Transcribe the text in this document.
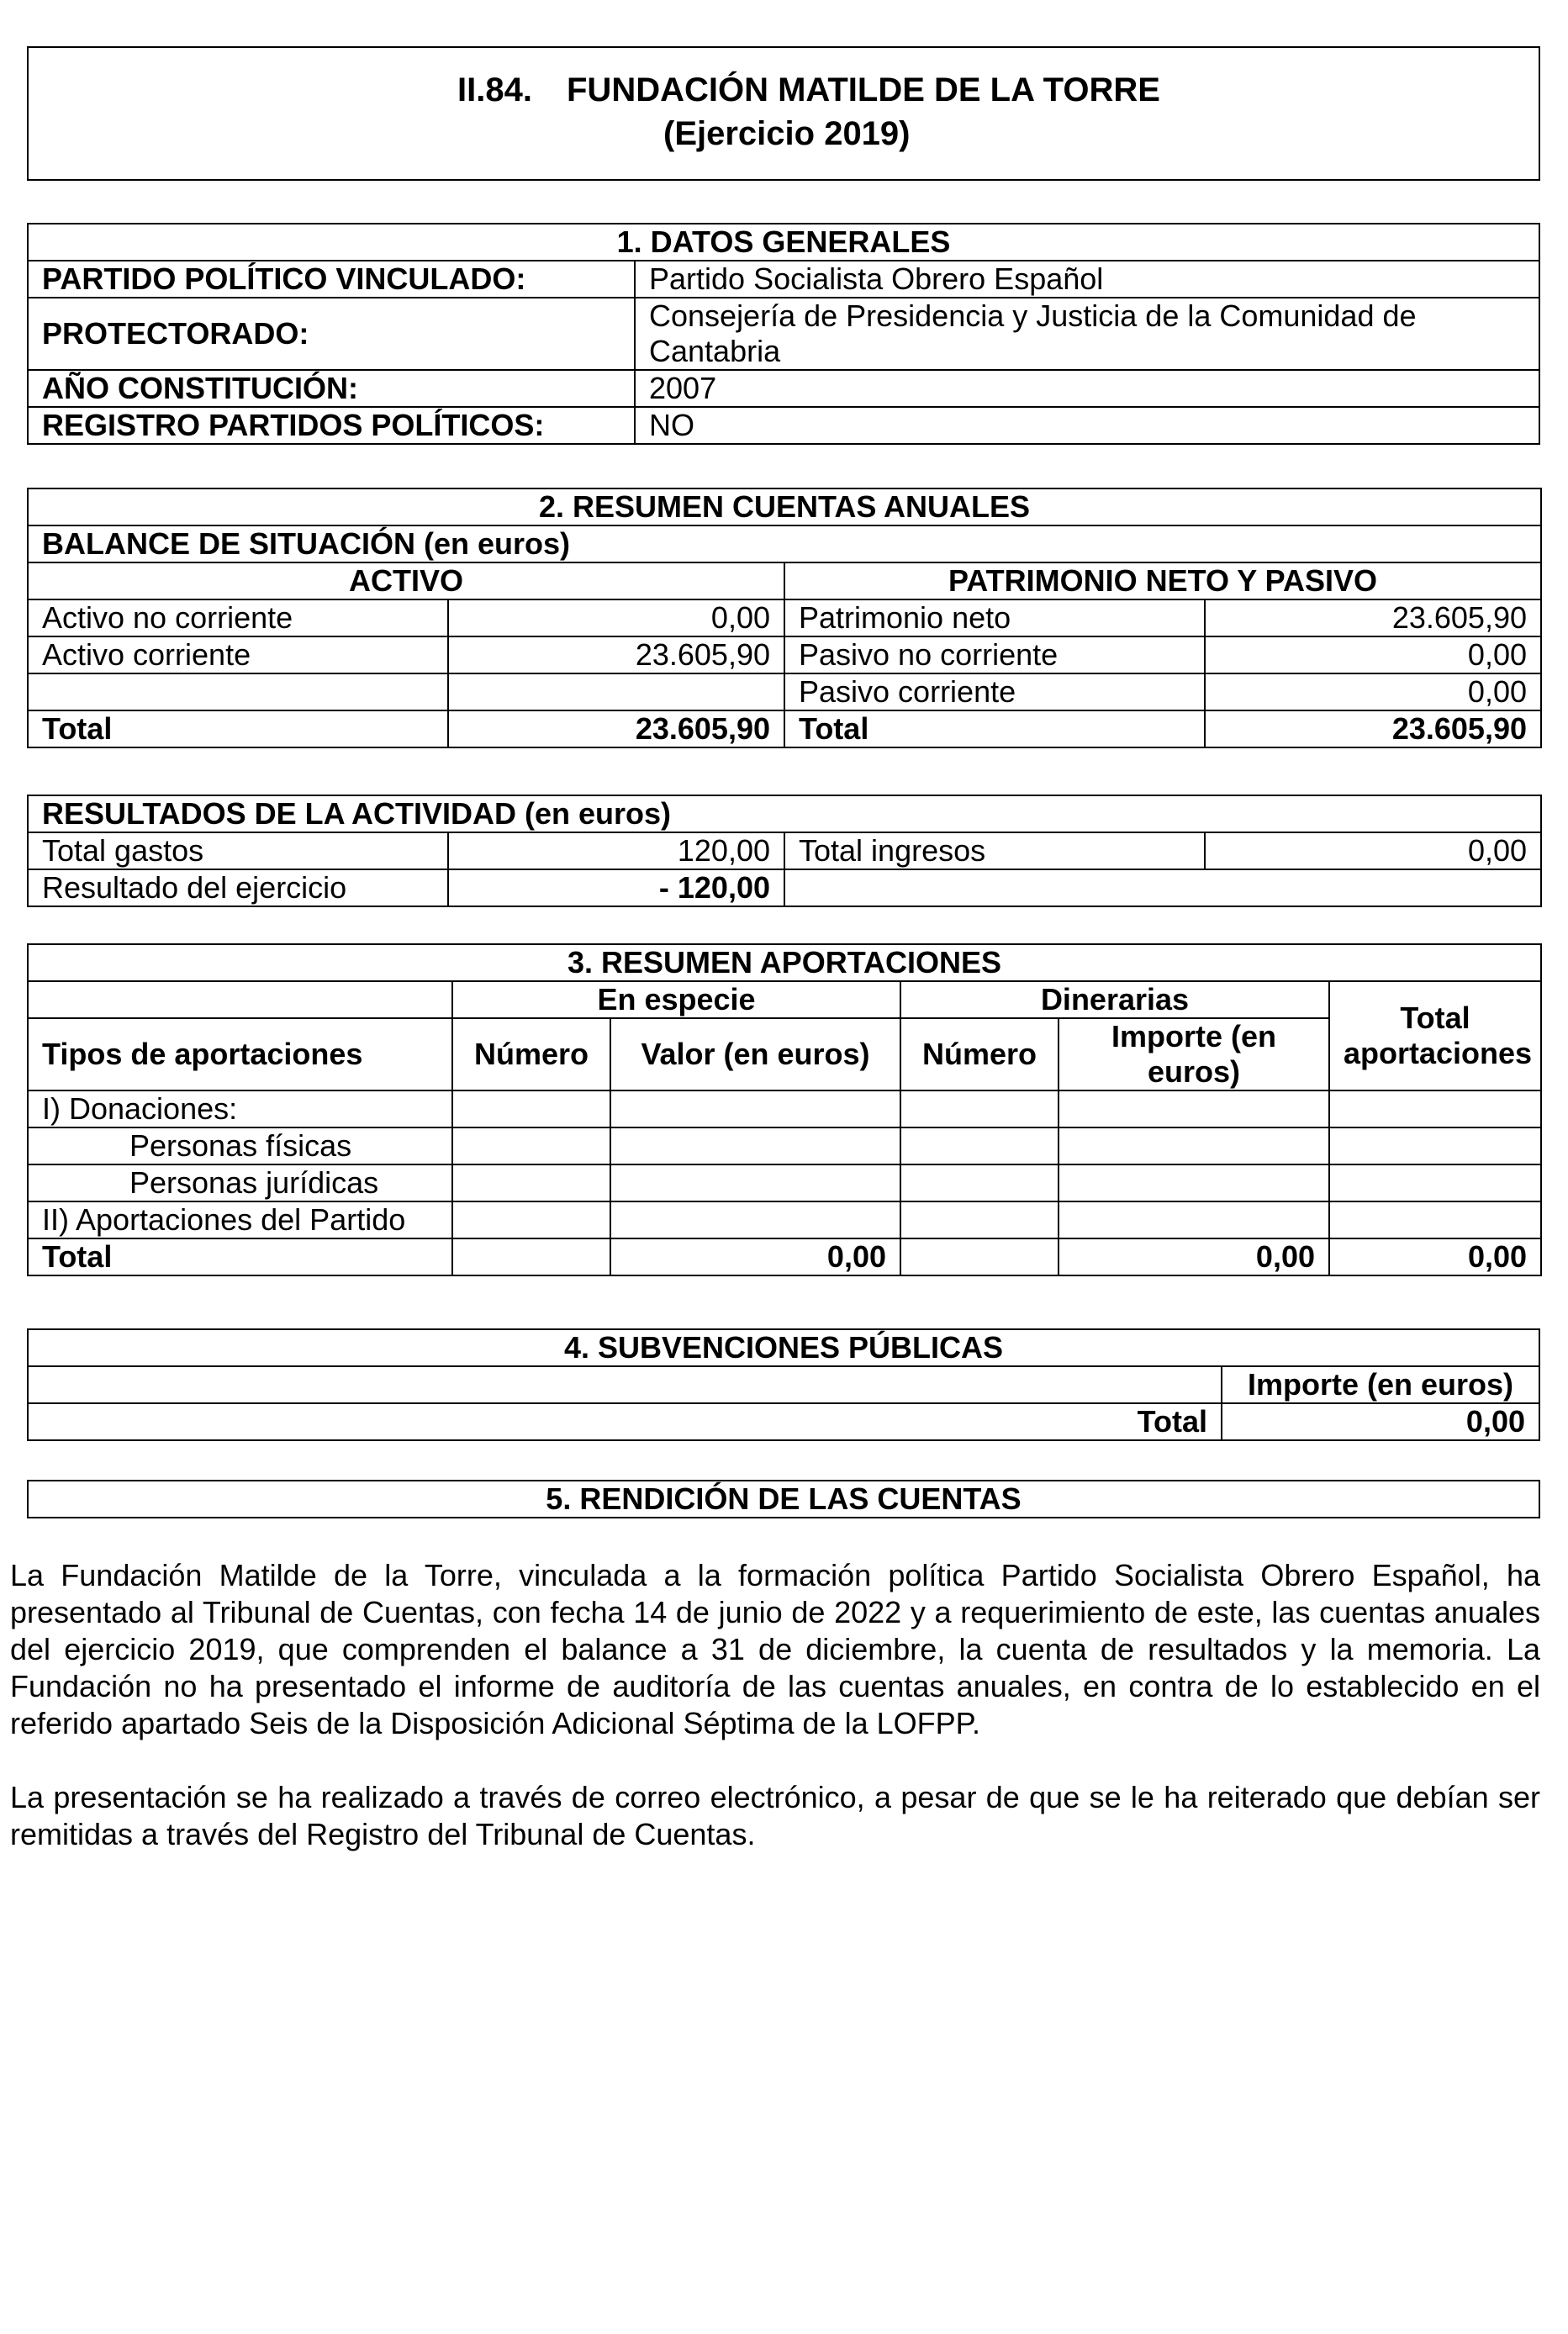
II.84. FUNDACIÓN MATILDE DE LA TORRE
(Ejercicio 2019)
1. DATOS GENERALES	
PARTIDO POLÍTICO VINCULADO:	Partido Socialista Obrero Español
PROTECTORADO:	Consejería de Presidencia y Justicia de la Comunidad de Cantabria
AÑO CONSTITUCIÓN:	2007
REGISTRO PARTIDOS POLÍTICOS:	NO
2. RESUMEN CUENTAS ANUALES			
BALANCE DE SITUACIÓN (en euros)			
ACTIVO		PATRIMONIO NETO Y PASIVO	
Activo no corriente	0,00	Patrimonio neto	23.605,90
Activo corriente	23.605,90	Pasivo no corriente	0,00
		Pasivo corriente	0,00
Total	23.605,90	Total	23.605,90
RESULTADOS DE LA ACTIVIDAD (en euros)			
Total gastos	120,00	Total ingresos	0,00
Resultado del ejercicio	- 120,00		
3. RESUMEN APORTACIONES					
	En especie		Dinerarias		Total aportaciones
Tipos de aportaciones	Número	Valor (en euros)	Número	Importe (en euros)	
I) Donaciones:					
Personas físicas					
Personas jurídicas					
II) Aportaciones del Partido					
Total		0,00		0,00	0,00
4. SUBVENCIONES PÚBLICAS	
	Importe (en euros)
Total	0,00
5. RENDICIÓN DE LAS CUENTAS
La Fundación Matilde de la Torre, vinculada a la formación política Partido Socialista Obrero Español, ha presentado al Tribunal de Cuentas, con fecha 14 de junio de 2022 y a requerimiento de este, las cuentas anuales del ejercicio 2019, que comprenden el balance a 31 de diciembre, la cuenta de resultados y la memoria. La Fundación no ha presentado el informe de auditoría de las cuentas anuales, en contra de lo establecido en el referido apartado Seis de la Disposición Adicional Séptima de la LOFPP.
La presentación se ha realizado a través de correo electrónico, a pesar de que se le ha reiterado que debían ser remitidas a través del Registro del Tribunal de Cuentas.
